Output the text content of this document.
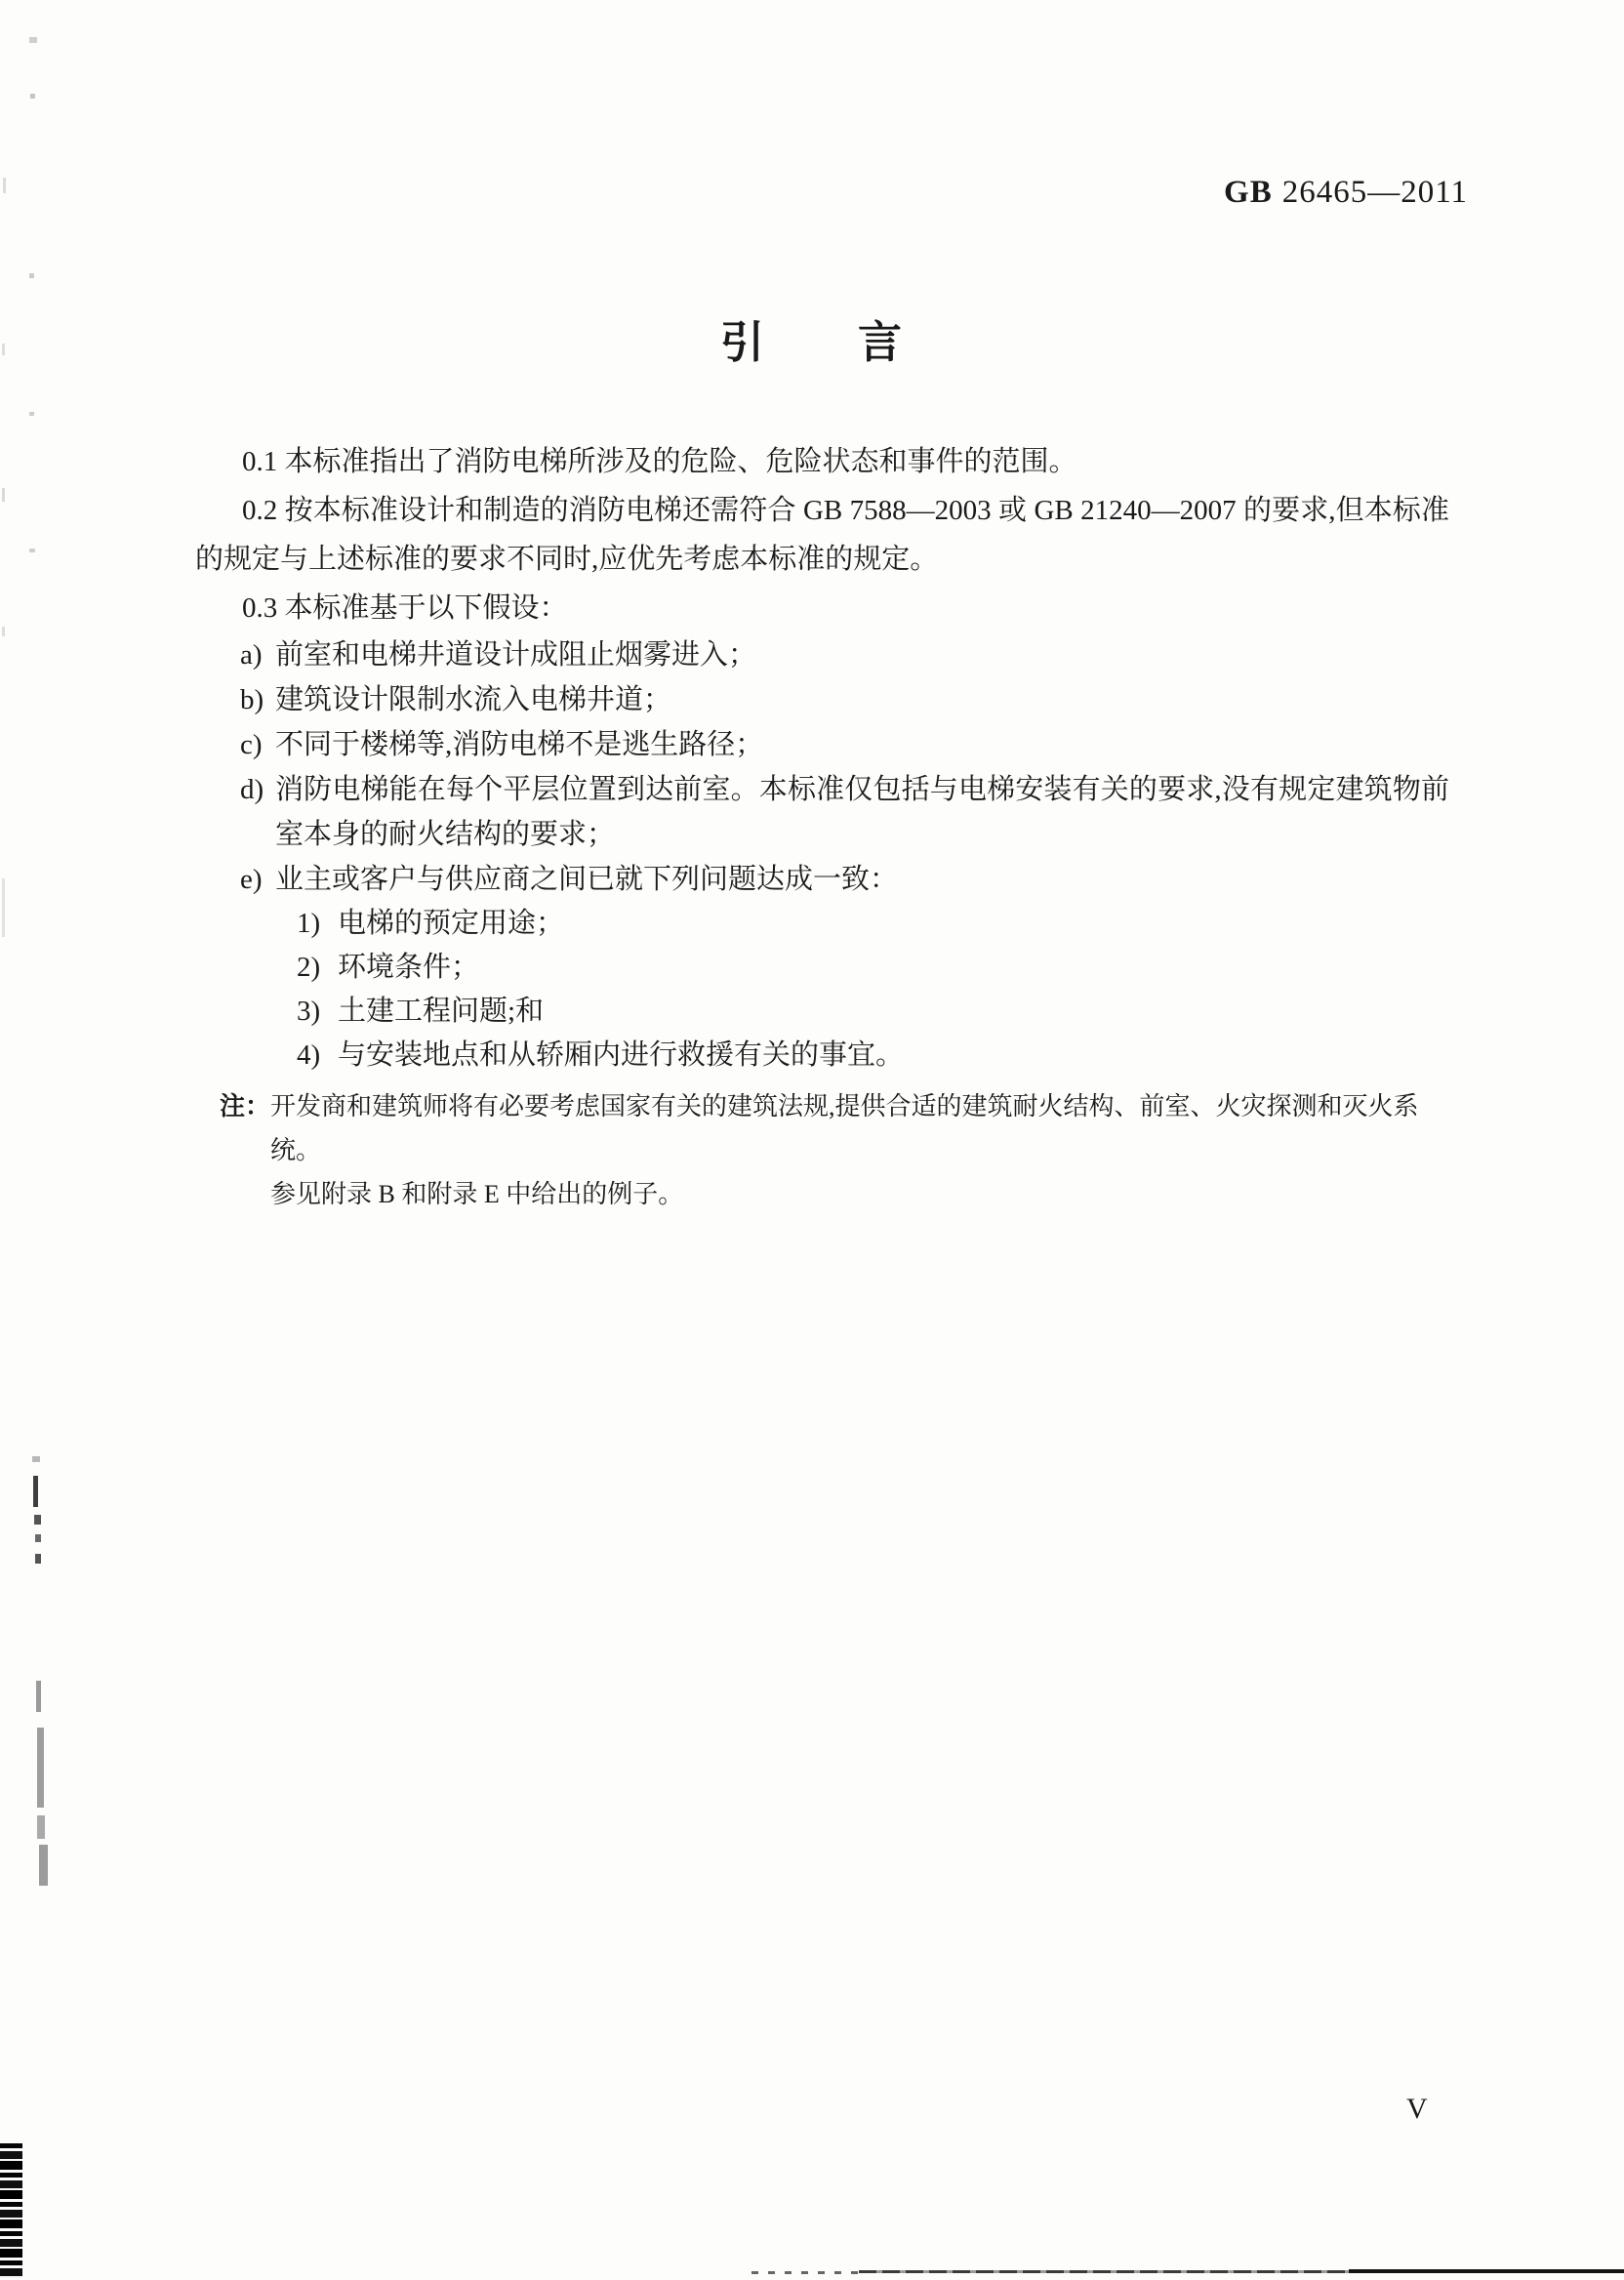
GB 26465—2011
引　　言

0.1 本标准指出了消防电梯所涉及的危险、危险状态和事件的范围。

0.2 按本标准设计和制造的消防电梯还需符合 GB 7588—2003 或 GB 21240—2007 的要求,但本标准的规定与上述标准的要求不同时,应优先考虑本标准的规定。

0.3 本标准基于以下假设：

a) 前室和电梯井道设计成阻止烟雾进入；
b) 建筑设计限制水流入电梯井道；
c) 不同于楼梯等,消防电梯不是逃生路径；
d) 消防电梯能在每个平层位置到达前室。本标准仅包括与电梯安装有关的要求,没有规定建筑物前室本身的耐火结构的要求；
e) 业主或客户与供应商之间已就下列问题达成一致：
1) 电梯的预定用途；
2) 环境条件；
3) 土建工程问题;和
4) 与安装地点和从轿厢内进行救援有关的事宜。
注： 开发商和建筑师将有必要考虑国家有关的建筑法规,提供合适的建筑耐火结构、前室、火灾探测和灭火系统。
参见附录 B 和附录 E 中给出的例子。
V
